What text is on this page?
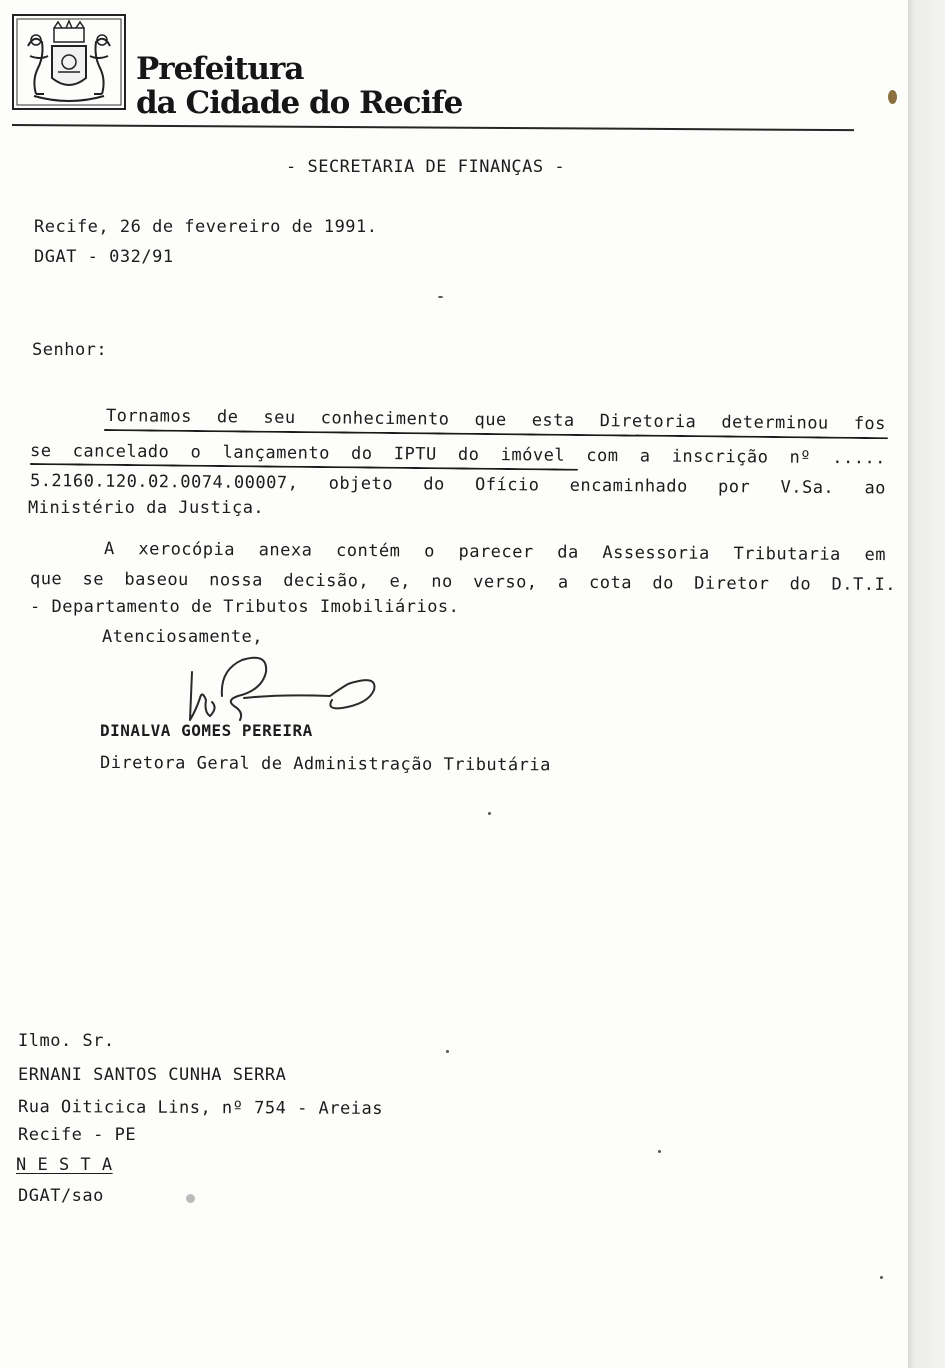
Prefeitura
da Cidade do Recife
- SECRETARIA DE FINANÇAS -
Recife, 26 de fevereiro de 1991.
DGAT - 032/91
Senhor:
Tornamos de seu conhecimento que esta Diretoria determinou fos
se cancelado o lançamento do IPTU do imóvel com a inscrição nº .....
5.2160.120.02.0074.00007, objeto do Ofício encaminhado por V.Sa. ao
Ministério da Justiça.
A xerocópia anexa contém o parecer da Assessoria Tributaria em
que se baseou nossa decisão, e, no verso, a cota do Diretor do D.T.I.
- Departamento de Tributos Imobiliários.
Atenciosamente,
DINALVA GOMES PEREIRA
Diretora Geral de Administração Tributária
Ilmo. Sr.
ERNANI SANTOS CUNHA SERRA
Rua Oiticica Lins, nº 754 - Areias
Recife - PE
N E S T A
DGAT/sao
